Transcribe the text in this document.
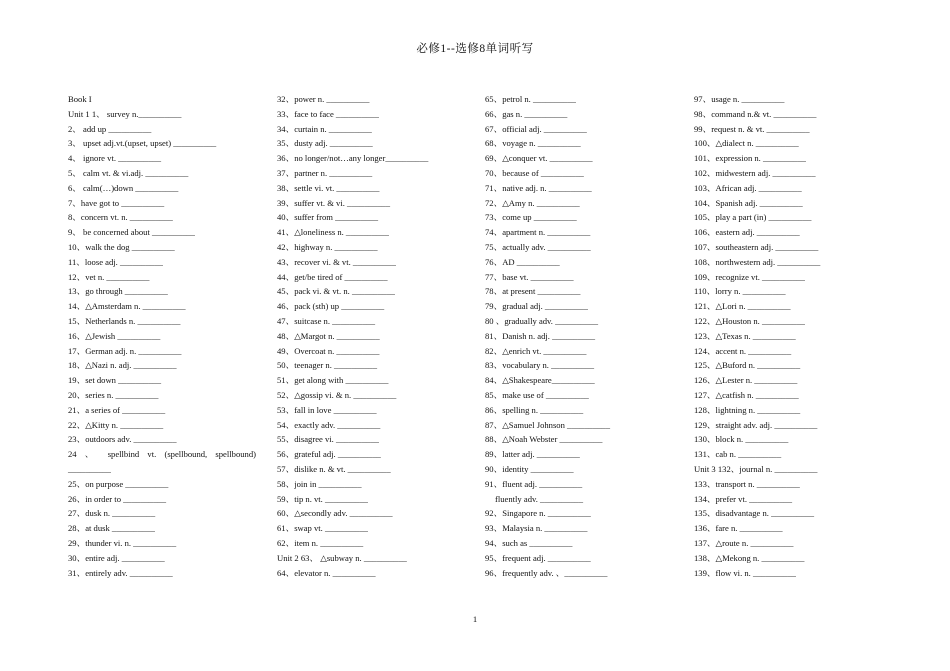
必修1--选修8单词听写
Book I
Unit 1 1、 survey n.__________
2、 add up __________
3、 upset adj.vt.(upset, upset) __________
4、 ignore vt. __________
5、 calm vt. & vi.adj. __________
6、 calm(…)down __________
7、have got to __________
8、concern vt. n. __________
9、 be concerned about __________
10、walk the dog __________
11、loose adj. __________
12、vet n. __________
13、go through __________
14、△Amsterdam n. __________
15、Netherlands n. __________
16、△Jewish __________
17、German adj. n. __________
18、△Nazi n. adj. __________
19、set down __________
20、series n. __________
21、a series of __________
22、△Kitty n. __________
23、outdoors adv. __________
24 、 spellbind vt. (spellbound, spellbound)
__________
25、on purpose __________
26、in order to __________
27、dusk n. __________
28、at dusk __________
29、thunder vi. n. __________
30、entire adj. __________
31、entirely adv. __________
32、power n. __________
33、face to face __________
34、curtain n. __________
35、dusty adj. __________
36、no longer/not…any longer__________
37、partner n. __________
38、settle vi. vt. __________
39、suffer vt. & vi. __________
40、suffer from __________
41、△loneliness n. __________
42、highway n. __________
43、recover vi. & vt. __________
44、get/be tired of __________
45、pack vi. & vt. n. __________
46、pack (sth) up __________
47、suitcase n. __________
48、△Margot n. __________
49、Overcoat n. __________
50、teenager n. __________
51、get along with __________
52、△gossip vi. & n. __________
53、fall in love __________
54、exactly adv. __________
55、disagree vi. __________
56、grateful adj. __________
57、dislike n. & vt. __________
58、join in __________
59、tip n. vt. __________
60、△secondly adv. __________
61、swap vt. __________
62、item n. __________
Unit 2 63、 △subway n. __________
64、elevator n. __________
65、petrol n. __________
66、gas n. __________
67、official adj. __________
68、voyage n. __________
69、△conquer vt. __________
70、because of __________
71、native adj. n. __________
72、△Amy n. __________
73、come up __________
74、apartment n. __________
75、actually adv. __________
76、AD __________
77、base vt. __________
78、at present __________
79、gradual adj. __________
80 、gradually adv. __________
81、Danish n. adj. __________
82、△enrich vt. __________
83、vocabulary n. __________
84、△Shakespeare__________
85、make use of __________
86、spelling n. __________
87、△Samuel Johnson __________
88、△Noah Webster __________
89、latter adj. __________
90、identity __________
91、fluent adj. __________
fluently adv. __________
92、Singapore n. __________
93、Malaysia n. __________
94、such as __________
95、frequent adj. __________
96、frequently adv. 、__________
97、usage n. __________
98、command n.& vt. __________
99、request n. & vt. __________
100、△dialect n. __________
101、expression n. __________
102、midwestern adj. __________
103、African adj. __________
104、Spanish adj. __________
105、play a part (in) __________
106、eastern adj. __________
107、southeastern adj. __________
108、northwestern adj. __________
109、recognize vt. __________
110、lorry n. __________
121、△Lori n. __________
122、△Houston n. __________
123、△Texas n. __________
124、accent n. __________
125、△Buford n. __________
126、△Lester n. __________
127、△catfish n. __________
128、lightning n. __________
129、straight adv. adj. __________
130、block n. __________
131、cab n. __________
Unit 3 132、journal n. __________
133、transport n. __________
134、prefer vt. __________
135、disadvantage n. __________
136、fare n. __________
137、△route n. __________
138、△Mekong n. __________
139、flow vi. n. __________
1
